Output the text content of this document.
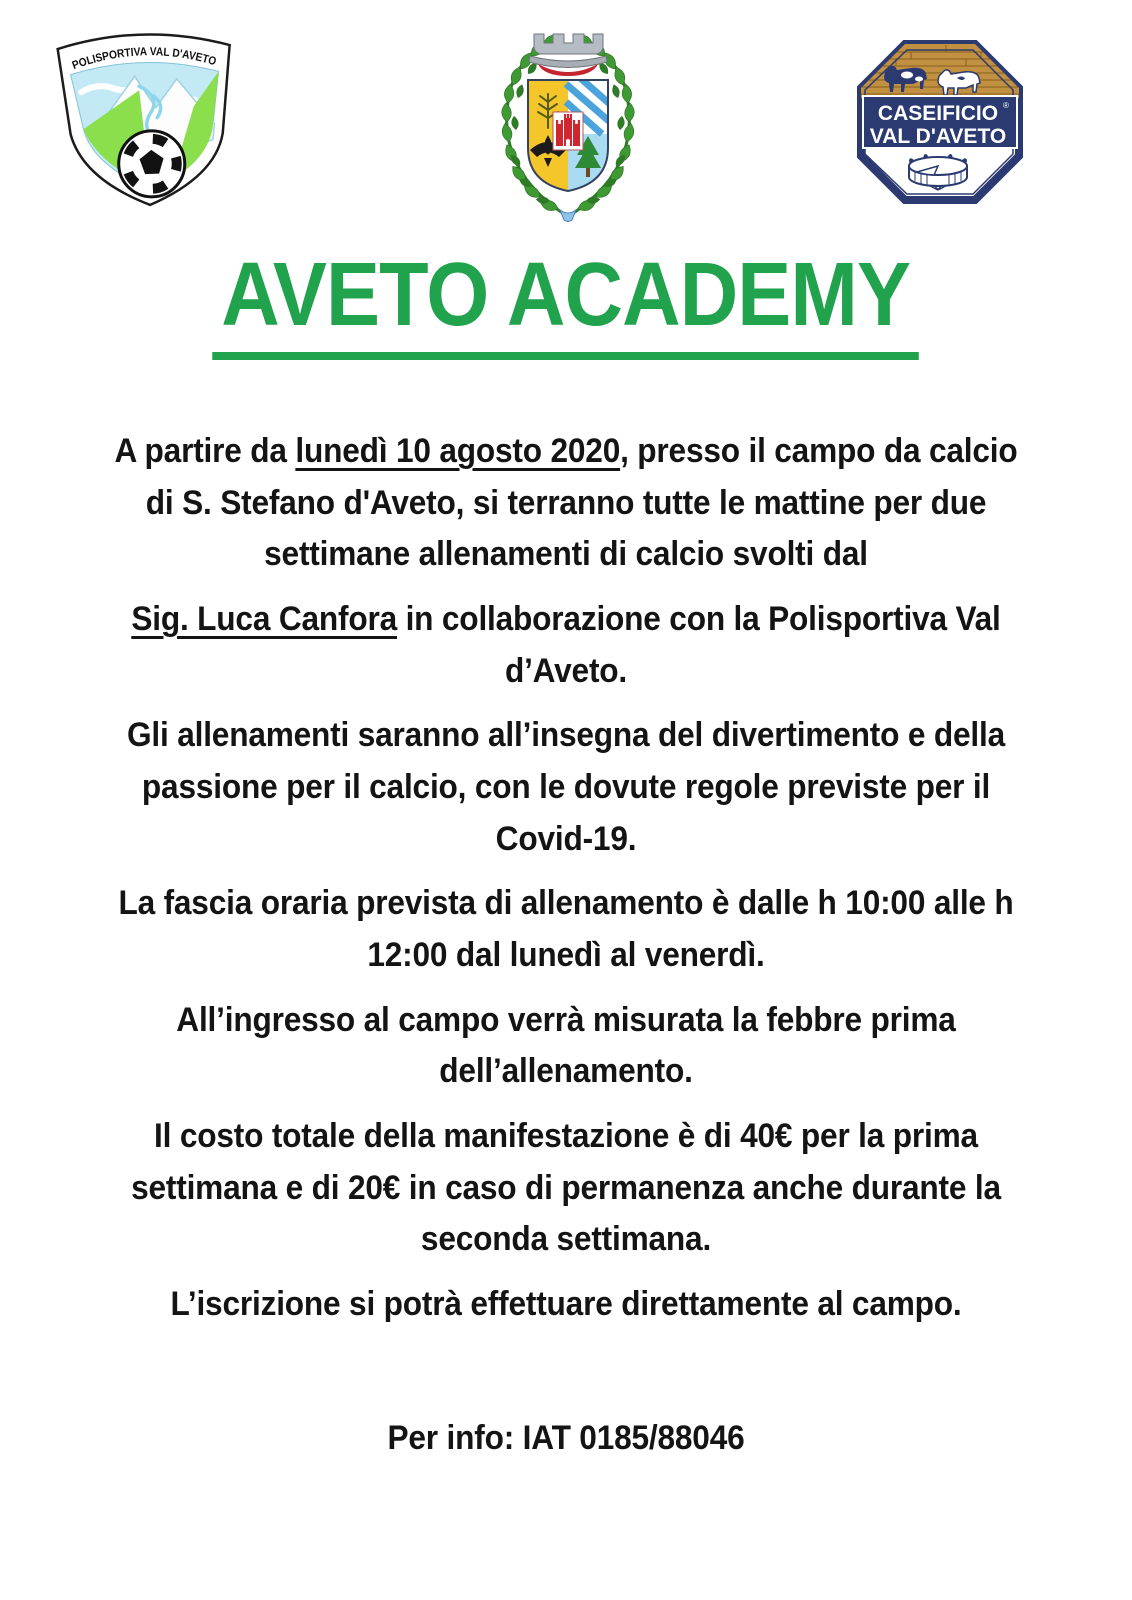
POLISPORTIVA VAL D'AVETO
CASEIFICIO ®
VAL D'AVETO
AVETO ACADEMY

A partire da lunedì 10 agosto 2020, presso il campo da calcio di S. Stefano d'Aveto, si terranno tutte le mattine per due settimane allenamenti di calcio svolti dal

Sig. Luca Canfora in collaborazione con la Polisportiva Val d’Aveto.

Gli allenamenti saranno all’insegna del divertimento e della passione per il calcio, con le dovute regole previste per il Covid-19.

La fascia oraria prevista di allenamento è dalle h 10:00 alle h 12:00 dal lunedì al venerdì.

All’ingresso al campo verrà misurata la febbre prima dell’allenamento.

Il costo totale della manifestazione è di 40€ per la prima settimana e di 20€ in caso di permanenza anche durante la seconda settimana.

L’iscrizione si potrà effettuare direttamente al campo.

Per info: IAT 0185/88046
